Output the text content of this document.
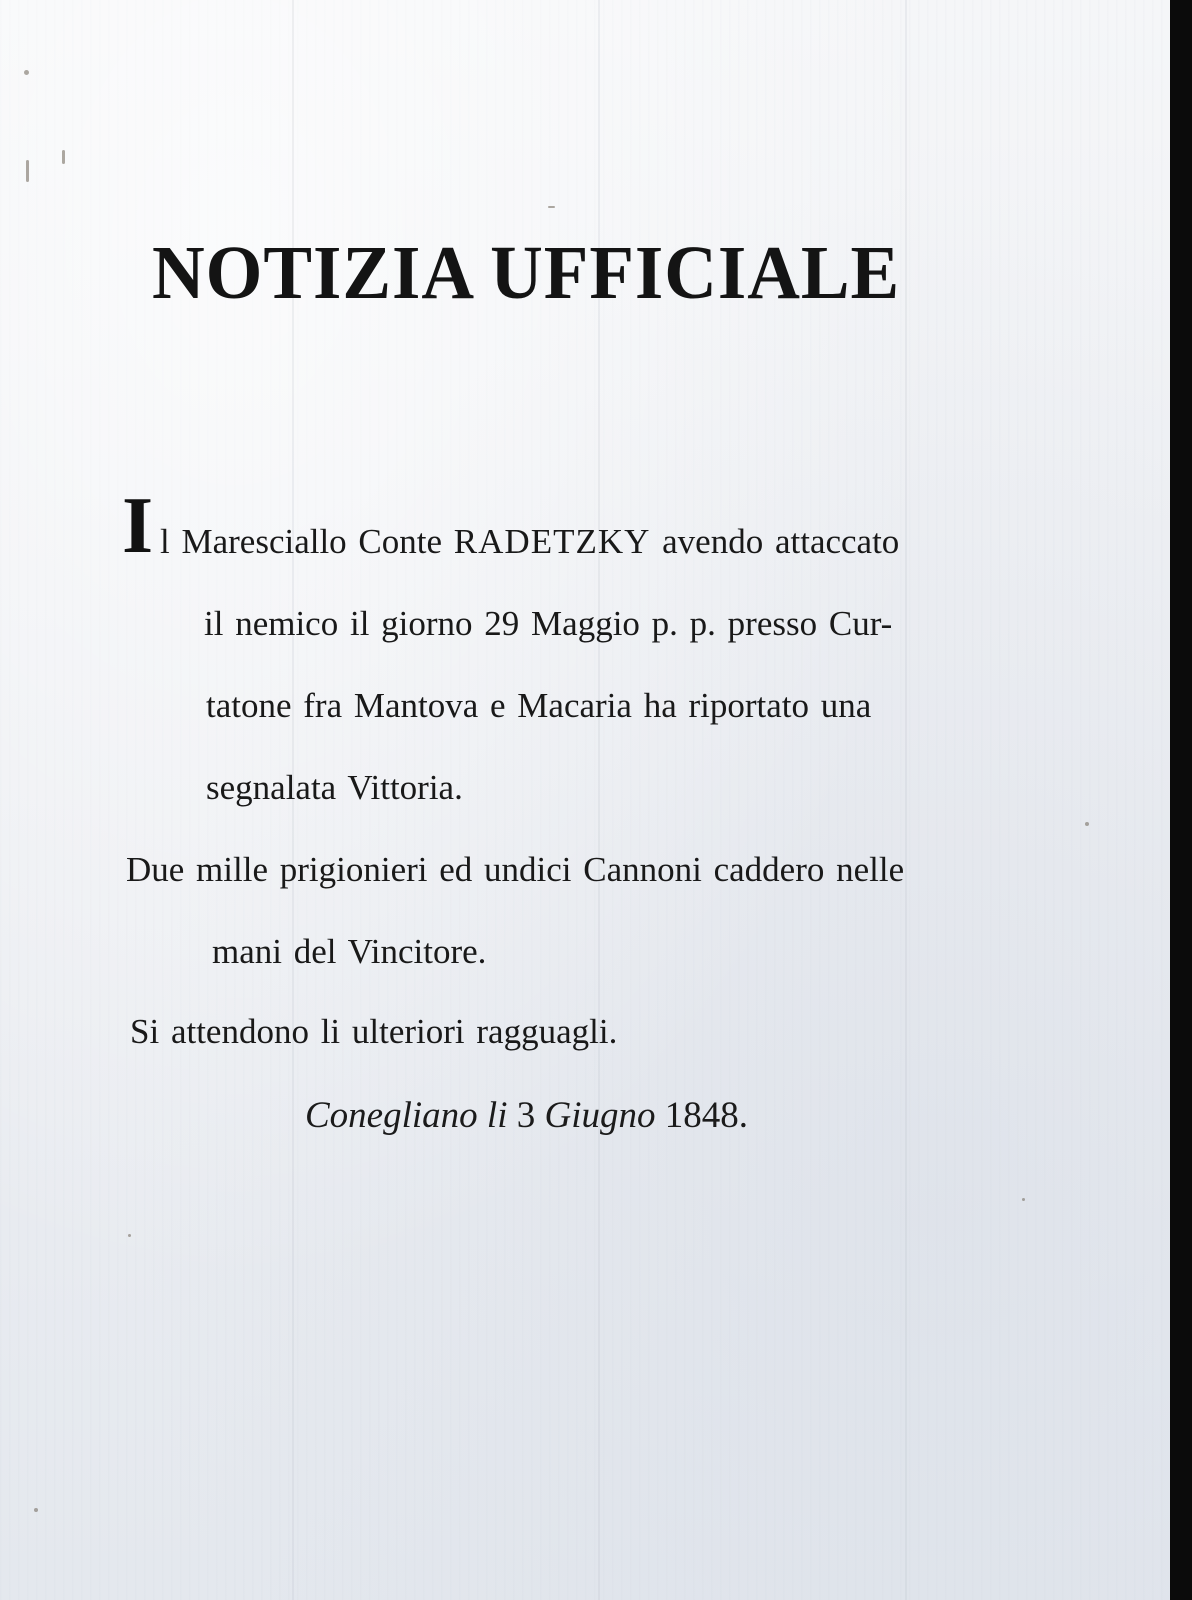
NOTIZIA UFFICIALE
I l Maresciallo Conte RADETZKY avendo attaccato
il nemico il giorno 29 Maggio p. p. presso Cur-
tatone fra Mantova e Macaria ha riportato una
segnalata Vittoria.
Due mille prigionieri ed undici Cannoni caddero nelle
mani del Vincitore.
Si attendono li ulteriori ragguagli.
Conegliano li 3 Giugno 1848.
